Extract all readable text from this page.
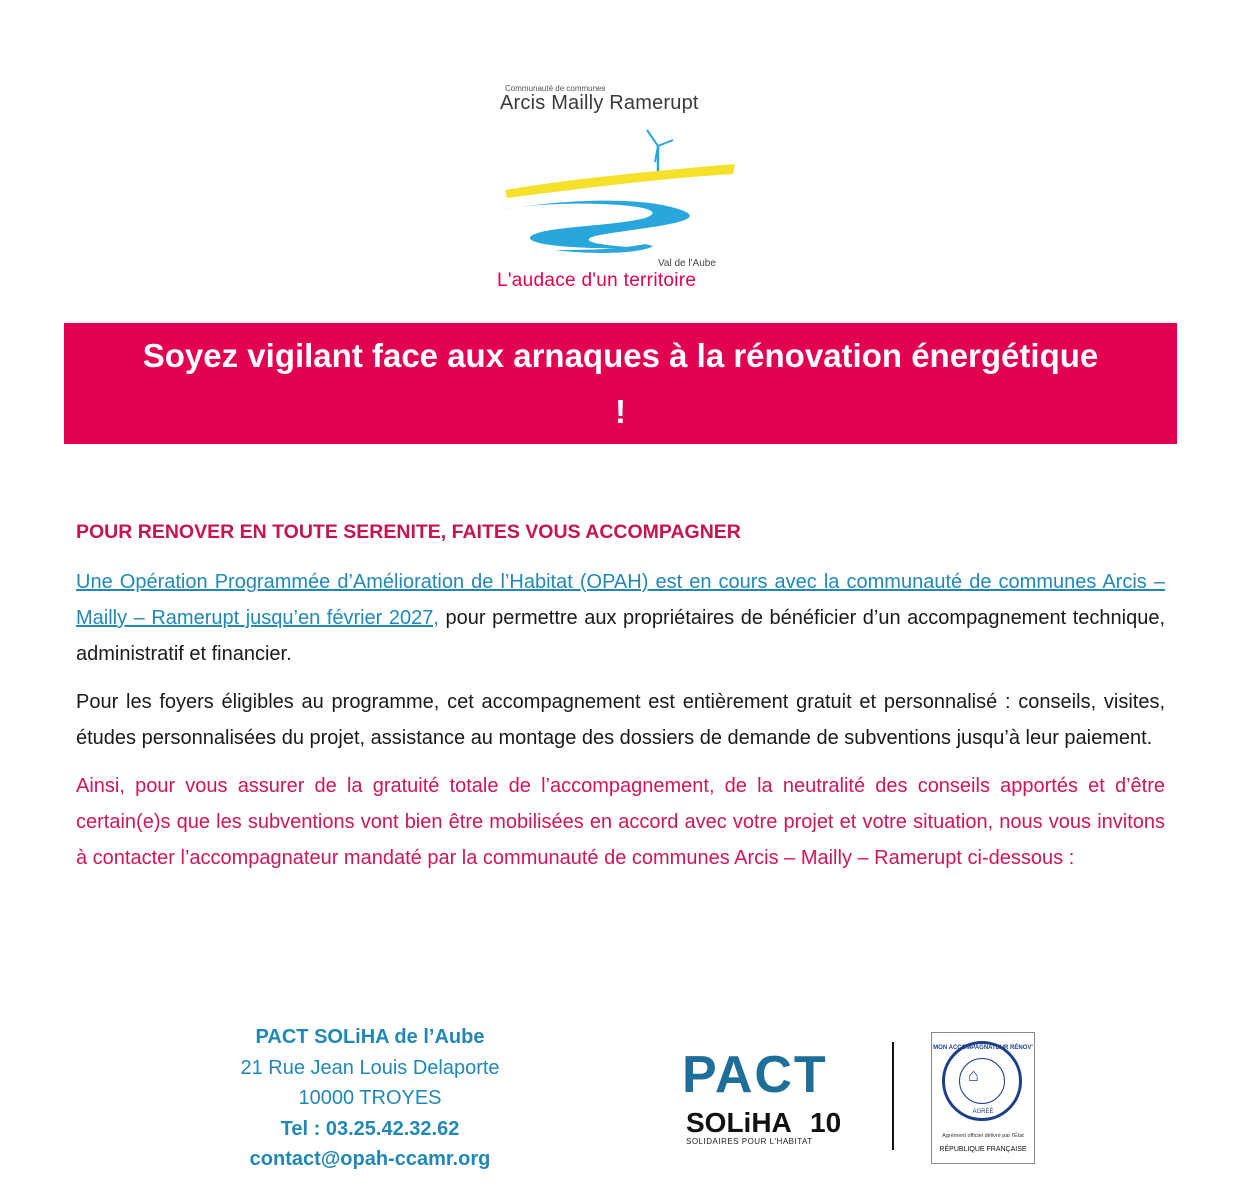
Communauté de communes
Arcis Mailly Ramerupt
Val de l'Aube
L'audace d'un territoire
Soyez vigilant face aux arnaques à la rénovation énergétique !
POUR RENOVER EN TOUTE SERENITE, FAITES VOUS ACCOMPAGNER

Une Opération Programmée d’Amélioration de l’Habitat (OPAH) est en cours avec la communauté de communes Arcis – Mailly – Ramerupt jusqu’en février 2027, pour permettre aux propriétaires de bénéficier d’un accompagnement technique, administratif et financier.

Pour les foyers éligibles au programme, cet accompagnement est entièrement gratuit et personnalisé : conseils, visites, études personnalisées du projet, assistance au montage des dossiers de demande de subventions jusqu’à leur paiement.

Ainsi, pour vous assurer de la gratuité totale de l’accompagnement, de la neutralité des conseils apportés et d’être certain(e)s que les subventions vont bien être mobilisées en accord avec votre projet et votre situation, nous vous invitons à contacter l’accompagnateur mandaté par la communauté de communes Arcis – Mailly – Ramerupt ci-dessous :

PACT SOLiHA de l’Aube
21 Rue Jean Louis Delaporte
10000 TROYES
Tel : 03.25.42.32.62
contact@opah-ccamr.org
PACT
SOLiHA 10
SOLIDAIRES POUR L'HABITAT
MON ACCOMPAGNATEUR RÉNOV'
⌂
AGRÉÉ
Agrément officiel délivré par l'État
RÉPUBLIQUE FRANÇAISE
